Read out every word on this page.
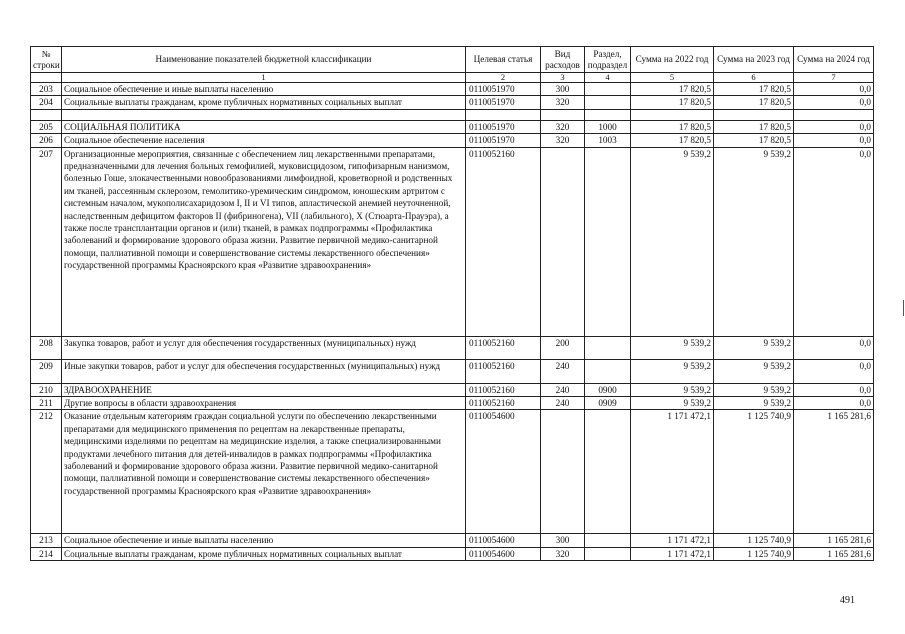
№ строки	Наименование показателей бюджетной классификации	Целевая статья	Вид расходов	Раздел, подраздел	Сумма на 2022 год	Сумма на 2023 год	Сумма на 2024 год
	1	2	3	4	5	6	7
203	Социальное обеспечение и иные выплаты населению	0110051970	300		17 820,5	17 820,5	0,0
204	Социальные выплаты гражданам, кроме публичных нормативных социальных выплат	0110051970	320		17 820,5	17 820,5	0,0

205	СОЦИАЛЬНАЯ ПОЛИТИКА	0110051970	320	1000	17 820,5	17 820,5	0,0
206	Социальное обеспечение населения	0110051970	320	1003	17 820,5	17 820,5	0,0
207	Организационные мероприятия, связанные с обеспечением лиц лекарственными препаратами, предназначенными для лечения больных гемофилией, муковисцидозом, гипофизарным нанизмом, болезнью Гоше, злокачественными новообразованиями лимфоидной, кроветворной и родственных им тканей, рассеянным склерозом, гемолитико-уремическим синдромом, юношеским артритом с системным началом, мукополисахаридозом I, II и VI типов, апластической анемией неуточненной, наследственным дефицитом факторов II (фибриногена), VII (лабильного), X (Стюарта-Прауэра), а также после трансплантации органов и (или) тканей, в рамках подпрограммы «Профилактика заболеваний и формирование здорового образа жизни. Развитие первичной медико-санитарной помощи, паллиативной помощи и совершенствование системы лекарственного обеспечения» государственной программы Красноярского края «Развитие здравоохранения»	0110052160			9 539,2	9 539,2	0,0
208	Закупка товаров, работ и услуг для обеспечения государственных (муниципальных) нужд	0110052160	200		9 539,2	9 539,2	0,0
209	Иные закупки товаров, работ и услуг для обеспечения государственных (муниципальных) нужд	0110052160	240		9 539,2	9 539,2	0,0
210	ЗДРАВООХРАНЕНИЕ	0110052160	240	0900	9 539,2	9 539,2	0,0
211	Другие вопросы в области здравоохранения	0110052160	240	0909	9 539,2	9 539,2	0,0
212	Оказание отдельным категориям граждан социальной услуги по обеспечению лекарственными препаратами для медицинского применения по рецептам на лекарственные препараты, медицинскими изделиями по рецептам на медицинские изделия, а также специализированными продуктами лечебного питания для детей-инвалидов в рамках подпрограммы «Профилактика заболеваний и формирование здорового образа жизни. Развитие первичной медико-санитарной помощи, паллиативной помощи и совершенствование системы лекарственного обеспечения» государственной программы Красноярского края «Развитие здравоохранения»	0110054600			1 171 472,1	1 125 740,9	1 165 281,6
213	Социальное обеспечение и иные выплаты населению	0110054600	300		1 171 472,1	1 125 740,9	1 165 281,6
214	Социальные выплаты гражданам, кроме публичных нормативных социальных выплат	0110054600	320		1 171 472,1	1 125 740,9	1 165 281,6
491
